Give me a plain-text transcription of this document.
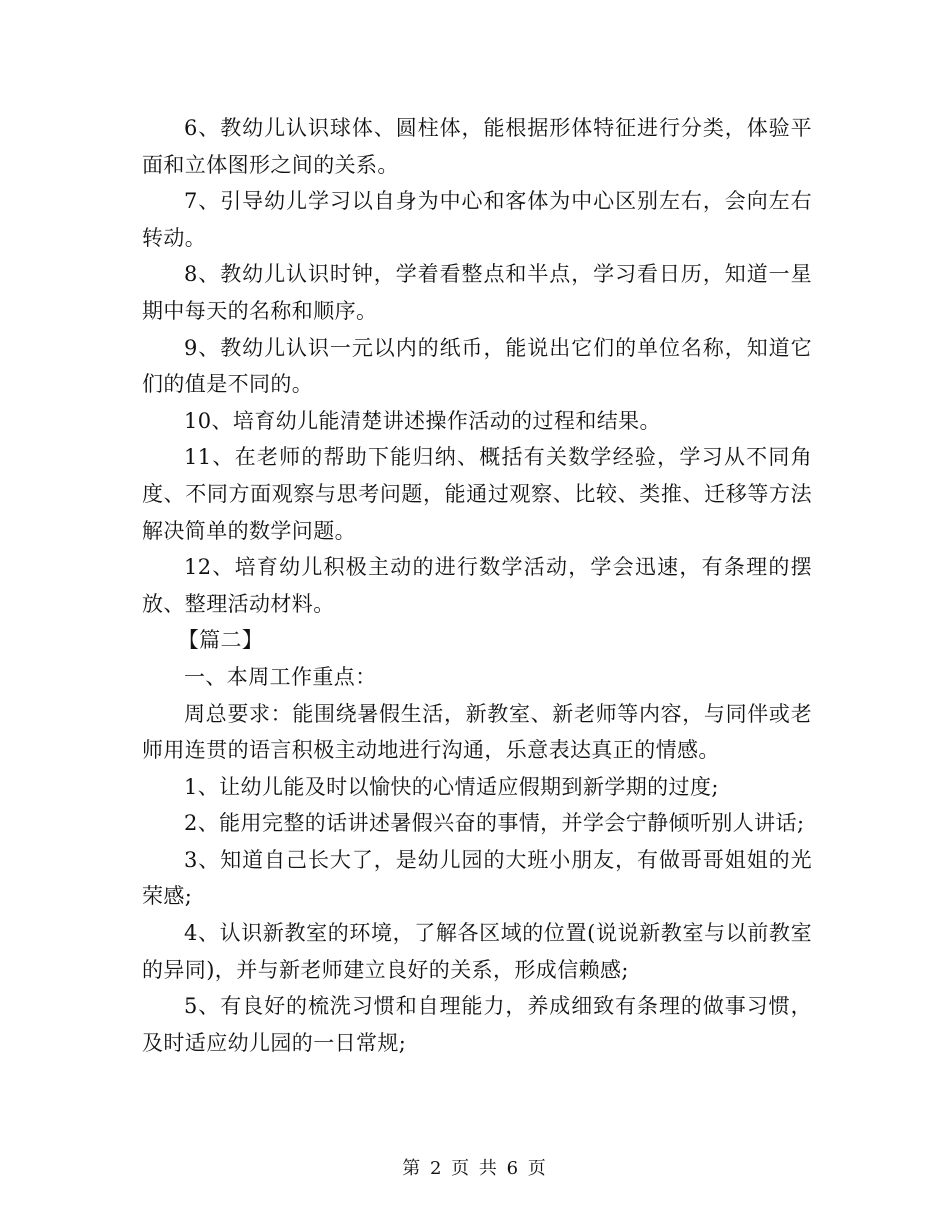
6、教幼儿认识球体、圆柱体，能根据形体特征进行分类，体验平面和立体图形之间的关系。

7、引导幼儿学习以自身为中心和客体为中心区别左右，会向左右转动。

8、教幼儿认识时钟，学着看整点和半点，学习看日历，知道一星期中每天的名称和顺序。

9、教幼儿认识一元以内的纸币，能说出它们的单位名称，知道它们的值是不同的。

10、培育幼儿能清楚讲述操作活动的过程和结果。

11、在老师的帮助下能归纳、概括有关数学经验，学习从不同角度、不同方面观察与思考问题，能通过观察、比较、类推、迁移等方法解决简单的数学问题。

12、培育幼儿积极主动的进行数学活动，学会迅速，有条理的摆放、整理活动材料。

【篇二】

一、本周工作重点：

周总要求：能围绕暑假生活，新教室、新老师等内容，与同伴或老师用连贯的语言积极主动地进行沟通，乐意表达真正的情感。

1、让幼儿能及时以愉快的心情适应假期到新学期的过度;

2、能用完整的话讲述暑假兴奋的事情，并学会宁静倾听别人讲话;

3、知道自己长大了，是幼儿园的大班小朋友，有做哥哥姐姐的光荣感;

4、认识新教室的环境，了解各区域的位置(说说新教室与以前教室的异同)，并与新老师建立良好的关系，形成信赖感;

5、有良好的梳洗习惯和自理能力，养成细致有条理的做事习惯，及时适应幼儿园的一日常规;

第 2 页 共 6 页
